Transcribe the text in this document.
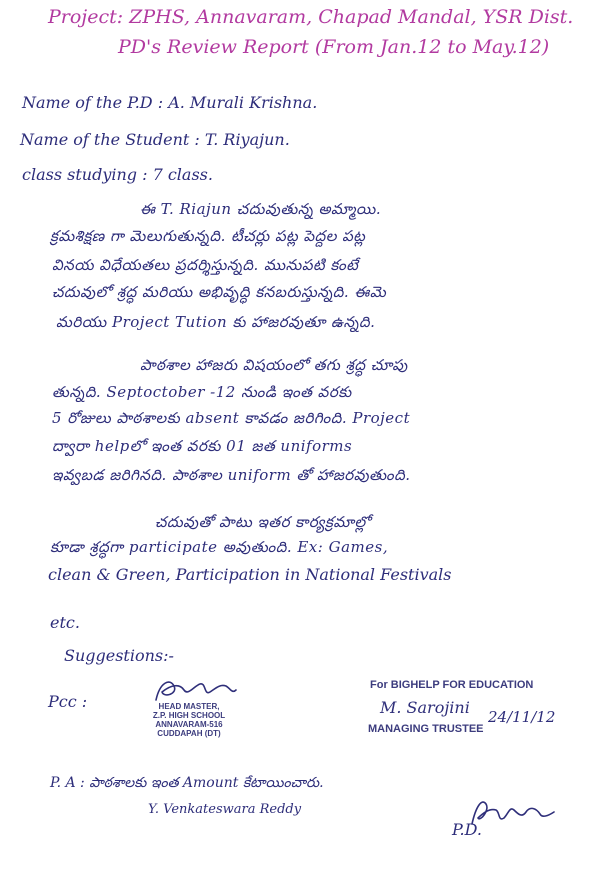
Project: ZPHS, Annavaram, Chapad Mandal, YSR Dist.
PD's Review Report (From Jan.12 to May.12)
Name of the P.D : A. Murali Krishna.
Name of the Student : T. Riyajun.
class studying : 7 class.
ఈ T. Riajun చదువుతున్న అమ్మాయి.
క్రమశిక్షణ గా మెలుగుతున్నది. టీచర్లు పట్ల పెద్దల పట్ల
వినయ విధేయతలు ప్రదర్శిస్తున్నది. మునుపటి కంటే
చదువులో శ్రద్ధ మరియు అభివృద్ధి కనబరుస్తున్నది. ఈమె
మరియు Project Tution కు హాజరవుతూ ఉన్నది.
పాఠశాల హాజరు విషయంలో తగు శ్రద్ధ చూపు
తున్నది. Septoctober -12 నుండి ఇంత వరకు
5 రోజులు పాఠశాలకు absent కావడం జరిగింది. Project
ద్వారా helpలో ఇంత వరకు 01 జత uniforms
ఇవ్వబడ జరిగినది. పాఠశాల uniform తో హాజరవుతుంది.
చదువుతో పాటు ఇతర కార్యక్రమాల్లో
కూడా శ్రద్ధగా participate అవుతుంది. Ex: Games,
clean & Green, Participation in National Festivals
etc.
Suggestions:-
Pcc :	HEAD MASTER,
Z.P. HIGH SCHOOL
ANNAVARAM-516
CUDDAPAH (DT)
For BIGHELP FOR EDUCATION
M. Sarojini 24/11/12
MANAGING TRUSTEE
P. A : పాఠశాలకు ఇంత Amount కేటాయించారు.
Y. Venkateswara Reddy
P.D.
